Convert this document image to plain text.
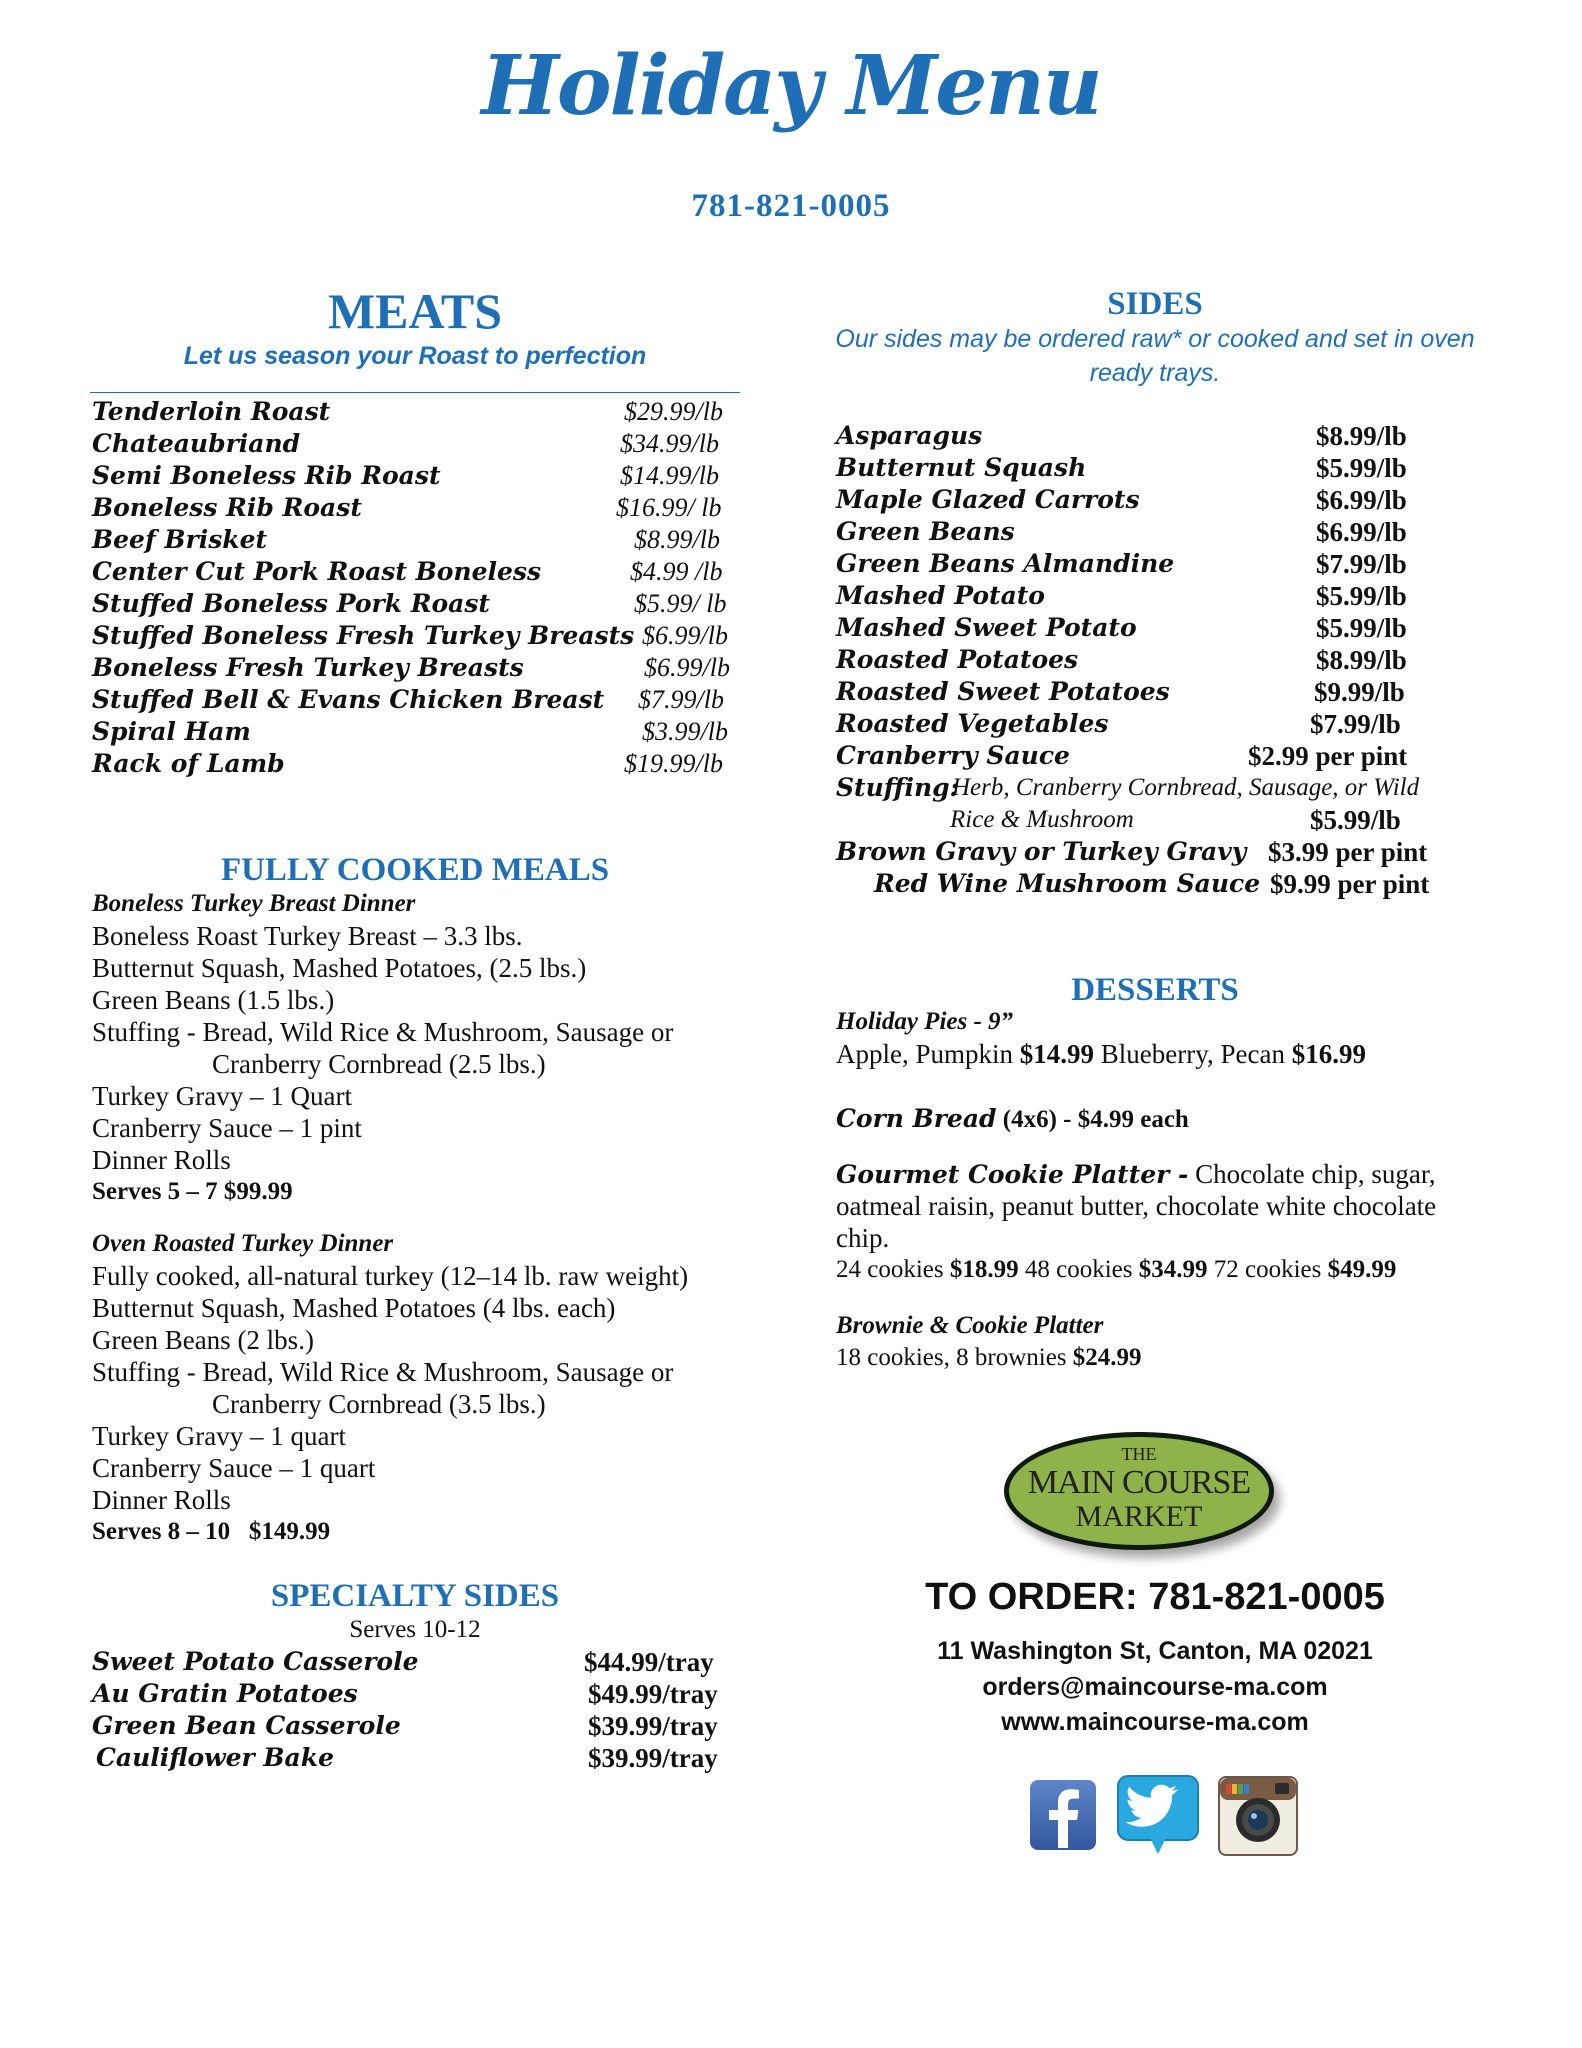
Holiday Menu
781-821-0005
MEATS
Let us season your Roast to perfection
Tenderloin Roast	$29.99/lb
Chateaubriand	$34.99/lb
Semi Boneless Rib Roast	$14.99/lb
Boneless Rib Roast	$16.99/ lb
Beef Brisket	$8.99/lb
Center Cut Pork Roast Boneless	$4.99 /lb
Stuffed Boneless Pork Roast	$5.99/ lb
Stuffed Boneless Fresh Turkey Breasts $6.99/lb
Boneless Fresh Turkey Breasts	$6.99/lb
Stuffed Bell & Evans Chicken Breast $7.99/lb
Spiral Ham	$3.99/lb
Rack of Lamb	$19.99/lb
FULLY COOKED MEALS
Boneless Turkey Breast Dinner
Boneless Roast Turkey Breast – 3.3 lbs.
Butternut Squash, Mashed Potatoes, (2.5 lbs.)
Green Beans (1.5 lbs.)
Stuffing - Bread, Wild Rice & Mushroom, Sausage or
Cranberry Cornbread (2.5 lbs.)
Turkey Gravy – 1 Quart
Cranberry Sauce – 1 pint
Dinner Rolls
Serves 5 – 7 $99.99
Oven Roasted Turkey Dinner
Fully cooked, all-natural turkey (12–14 lb. raw weight)
Butternut Squash, Mashed Potatoes (4 lbs. each)
Green Beans (2 lbs.)
Stuffing - Bread, Wild Rice & Mushroom, Sausage or
Cranberry Cornbread (3.5 lbs.)
Turkey Gravy – 1 quart
Cranberry Sauce – 1 quart
Dinner Rolls
Serves 8 – 10   $149.99
SPECIALTY SIDES
Serves 10-12
Sweet Potato Casserole	$44.99/tray
Au Gratin Potatoes	$49.99/tray
Green Bean Casserole	$39.99/tray
Cauliflower Bake	$39.99/tray
SIDES
Our sides may be ordered raw* or cooked and set in oven
ready trays.
Asparagus	$8.99/lb
Butternut Squash	$5.99/lb
Maple Glazed Carrots	$6.99/lb
Green Beans	$6.99/lb
Green Beans Almandine	$7.99/lb
Mashed Potato	$5.99/lb
Mashed Sweet Potato	$5.99/lb
Roasted Potatoes	$8.99/lb
Roasted Sweet Potatoes	$9.99/lb
Roasted Vegetables	$7.99/lb
Cranberry Sauce	$2.99 per pint
Stuffing:
Herb, Cranberry Cornbread, Sausage, or Wild
Rice & Mushroom	$5.99/lb
Brown Gravy or Turkey Gravy $3.99 per pint
Red Wine Mushroom Sauce $9.99 per pint
DESSERTS
Holiday Pies - 9”
Apple, Pumpkin $14.99 Blueberry, Pecan $16.99
Corn Bread (4x6) - $4.99 each
Gourmet Cookie Platter - Chocolate chip, sugar,
oatmeal raisin, peanut butter, chocolate white chocolate
chip.
24 cookies $18.99 48 cookies $34.99 72 cookies $49.99
Brownie & Cookie Platter
18 cookies, 8 brownies $24.99
THE
MAIN COURSE
MARKET
TO ORDER: 781-821-0005
11 Washington St, Canton, MA 02021
orders@maincourse-ma.com
www.maincourse-ma.com
